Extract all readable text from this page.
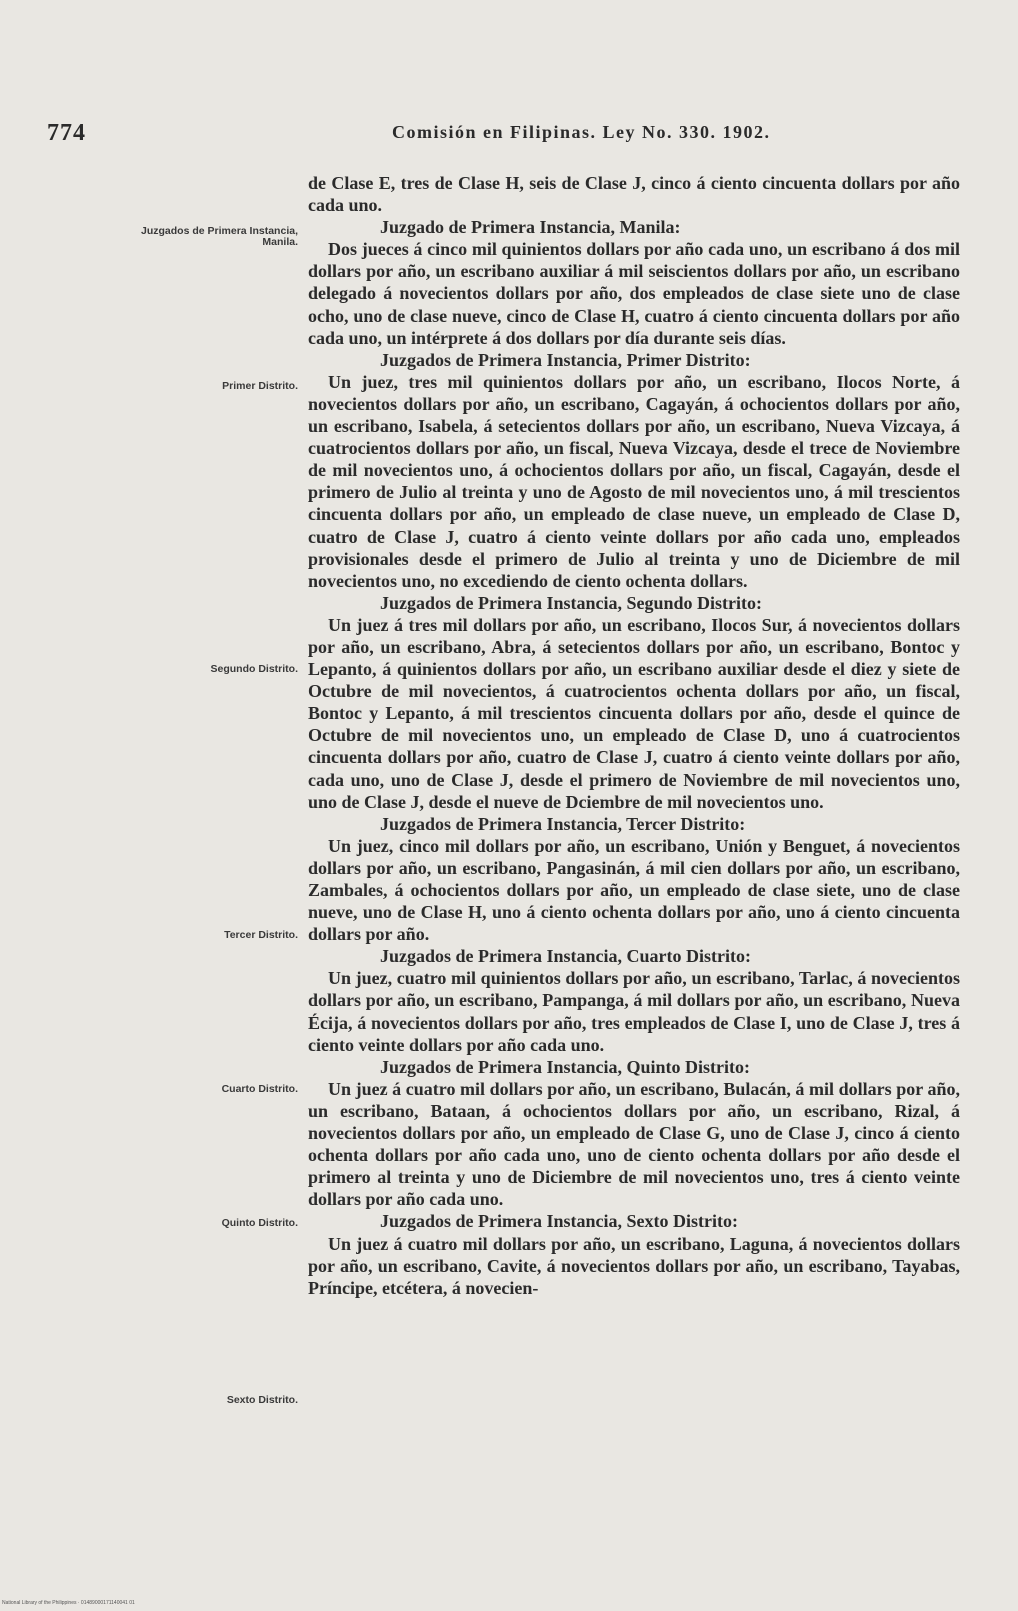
774	Comisión en Filipinas. Ley No. 330. 1902.
Juzgados de Primera Instancia, Manila.
Primer Distrito.
Segundo Distrito.
Tercer Distrito.
Cuarto Distrito.
Quinto Distrito.
Sexto Distrito.

de Clase E, tres de Clase H, seis de Clase J, cinco á ciento cincuenta dollars por año cada uno.

Juzgado de Primera Instancia, Manila:

Dos jueces á cinco mil quinientos dollars por año cada uno, un escribano á dos mil dollars por año, un escribano auxiliar á mil seiscientos dollars por año, un escribano delegado á novecientos dollars por año, dos empleados de clase siete uno de clase ocho, uno de clase nueve, cinco de Clase H, cuatro á ciento cincuenta dollars por año cada uno, un intérprete á dos dollars por día durante seis días.

Juzgados de Primera Instancia, Primer Distrito:

Un juez, tres mil quinientos dollars por año, un escribano, Ilocos Norte, á novecientos dollars por año, un escribano, Cagayán, á ochocientos dollars por año, un escribano, Isabela, á setecientos dollars por año, un escribano, Nueva Vizcaya, á cuatrocientos dollars por año, un fiscal, Nueva Vizcaya, desde el trece de Noviembre de mil novecientos uno, á ochocientos dollars por año, un fiscal, Cagayán, desde el primero de Julio al treinta y uno de Agosto de mil novecientos uno, á mil trescientos cincuenta dollars por año, un empleado de clase nueve, un empleado de Clase D, cuatro de Clase J, cuatro á ciento veinte dollars por año cada uno, empleados provisionales desde el primero de Julio al treinta y uno de Diciembre de mil novecientos uno, no excediendo de ciento ochenta dollars.

Juzgados de Primera Instancia, Segundo Distrito:

Un juez á tres mil dollars por año, un escribano, Ilocos Sur, á novecientos dollars por año, un escribano, Abra, á setecientos dollars por año, un escribano, Bontoc y Lepanto, á quinientos dollars por año, un escribano auxiliar desde el diez y siete de Octubre de mil novecientos, á cuatrocientos ochenta dollars por año, un fiscal, Bontoc y Lepanto, á mil trescientos cincuenta dollars por año, desde el quince de Octubre de mil novecientos uno, un empleado de Clase D, uno á cuatrocientos cincuenta dollars por año, cuatro de Clase J, cuatro á ciento veinte dollars por año, cada uno, uno de Clase J, desde el primero de Noviembre de mil novecientos uno, uno de Clase J, desde el nueve de Dciembre de mil novecientos uno.

Juzgados de Primera Instancia, Tercer Distrito:

Un juez, cinco mil dollars por año, un escribano, Unión y Benguet, á novecientos dollars por año, un escribano, Pangasinán, á mil cien dollars por año, un escribano, Zambales, á ochocientos dollars por año, un empleado de clase siete, uno de clase nueve, uno de Clase H, uno á ciento ochenta dollars por año, uno á ciento cincuenta dollars por año.

Juzgados de Primera Instancia, Cuarto Distrito:

Un juez, cuatro mil quinientos dollars por año, un escribano, Tarlac, á novecientos dollars por año, un escribano, Pampanga, á mil dollars por año, un escribano, Nueva Écija, á novecientos dollars por año, tres empleados de Clase I, uno de Clase J, tres á ciento veinte dollars por año cada uno.

Juzgados de Primera Instancia, Quinto Distrito:

Un juez á cuatro mil dollars por año, un escribano, Bulacán, á mil dollars por año, un escribano, Bataan, á ochocientos dollars por año, un escribano, Rizal, á novecientos dollars por año, un empleado de Clase G, uno de Clase J, cinco á ciento ochenta dollars por año cada uno, uno de ciento ochenta dollars por año desde el primero al treinta y uno de Diciembre de mil novecientos uno, tres á ciento veinte dollars por año cada uno.

Juzgados de Primera Instancia, Sexto Distrito:

Un juez á cuatro mil dollars por año, un escribano, Laguna, á novecientos dollars por año, un escribano, Cavite, á novecientos dollars por año, un escribano, Tayabas, Príncipe, etcétera, á novecien-

National Library of the Philippines · 01489000171140041 01
